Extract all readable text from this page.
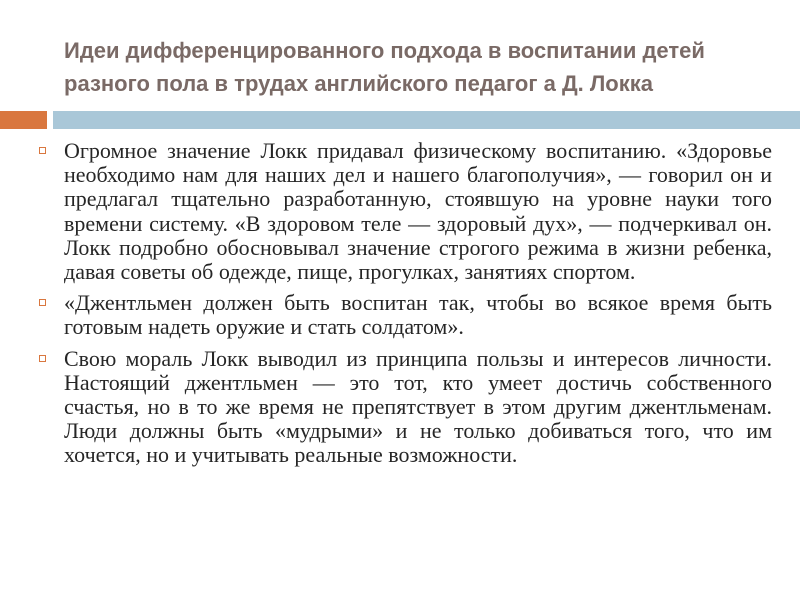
Идеи дифференцированного подхода в воспитании детей разного пола в трудах английского педагог а Д. Локка
Огромное значение Локк придавал физическому воспитанию. «Здоровье необходимо нам для наших дел и нашего благополучия», — говорил он и предлагал тщательно разработанную, стоявшую на уровне науки того времени систему. «В здоровом теле — здоровый дух», — подчеркивал он. Локк подробно обосновывал значение строгого режима в жизни ребенка, давая советы об одежде, пище, прогулках, занятиях спортом.
«Джентльмен должен быть воспитан так, чтобы во всякое время быть готовым надеть оружие и стать солдатом».
Свою мораль Локк выводил из принципа пользы и интересов личности. Настоящий джентльмен — это тот, кто умеет достичь собственного счастья, но в то же время не препятствует в этом другим джентльменам. Люди должны быть «мудрыми» и не только добиваться того, что им хочется, но и учитывать реальные возможности.
